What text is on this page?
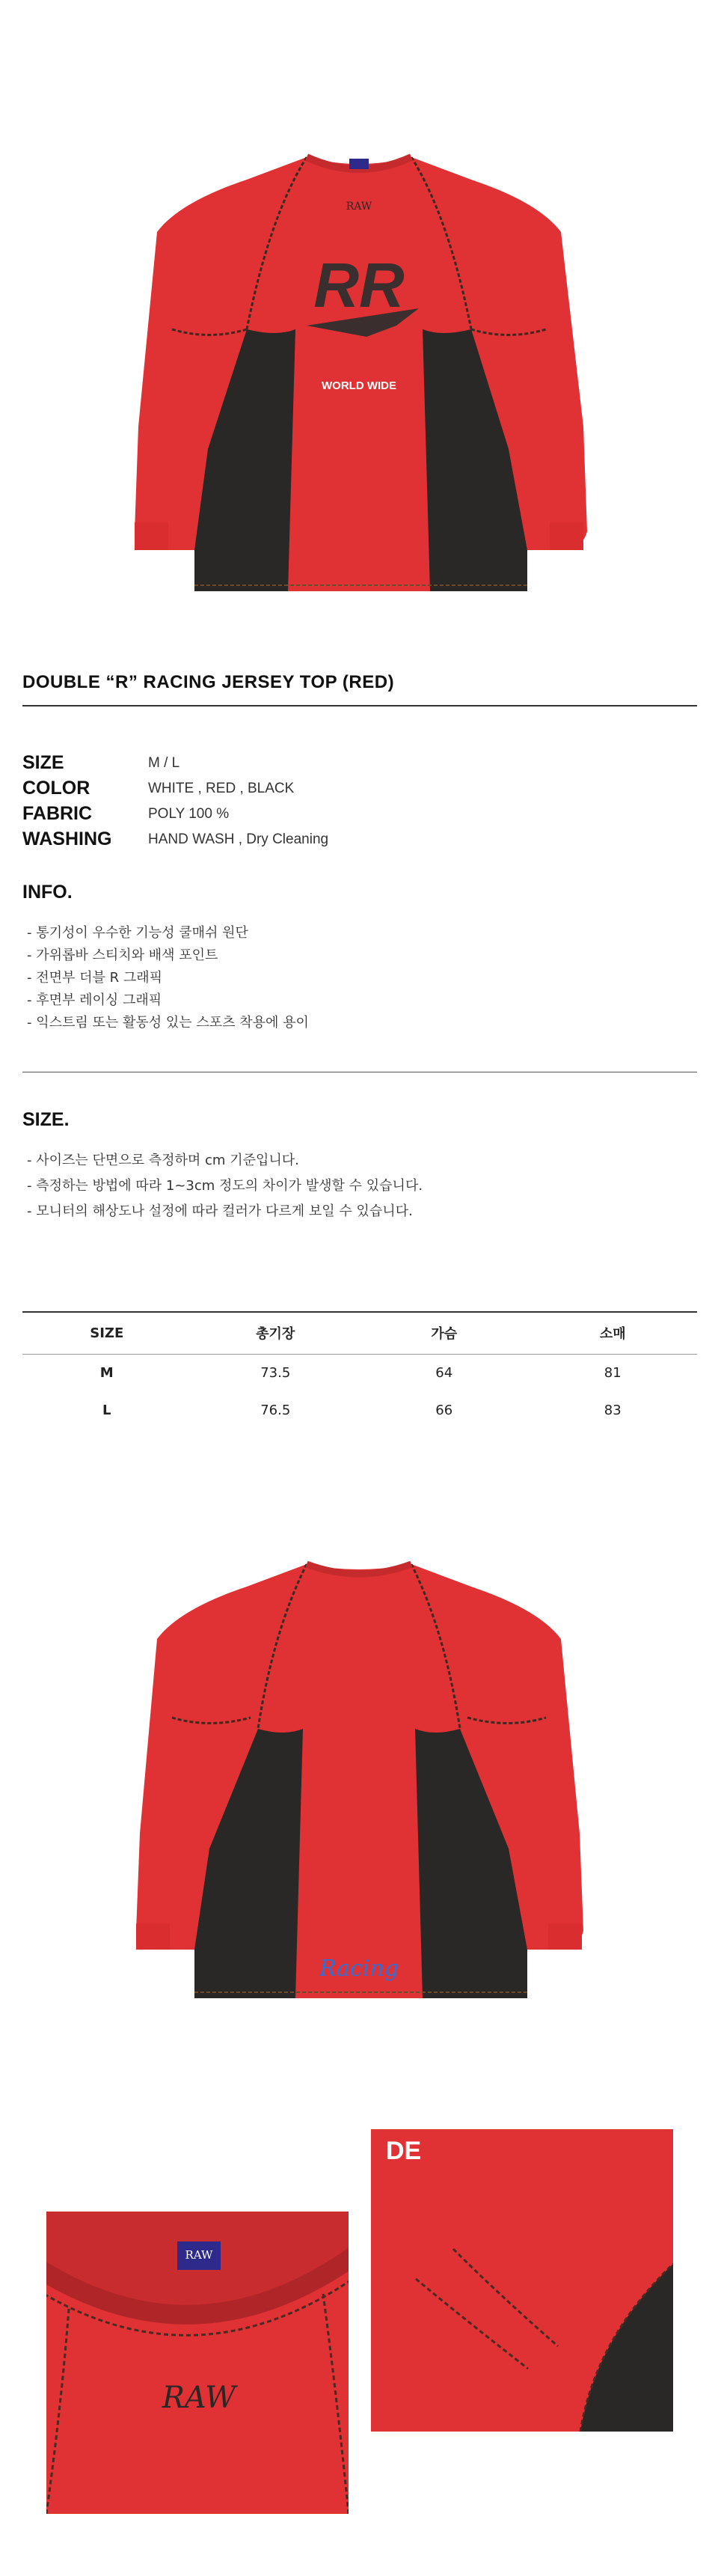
RAW
RR
WORLD WIDE
DOUBLE “R” RACING JERSEY TOP (RED)
SIZE	M / L
COLOR	WHITE , RED , BLACK
FABRIC	POLY 100 %
WASHING	HAND WASH , Dry Cleaning
INFO.
- 통기성이 우수한 기능성 쿨매쉬 원단
- 가위롭바 스티치와 배색 포인트
- 전면부 더블 R 그래픽
- 후면부 레이싱 그래픽
- 익스트림 또는 활동성 있는 스포츠 착용에 용이
SIZE.
- 사이즈는 단면으로 측정하며 cm 기준입니다.
- 측정하는 방법에 따라 1~3cm 정도의 차이가 발생할 수 있습니다.
- 모니터의 해상도나 설정에 따라 컬러가 다르게 보일 수 있습니다.
SIZE	총기장	가슴	소매
M	73.5	64	81
L	76.5	66	83
Racing
RAW
RAW
DE
